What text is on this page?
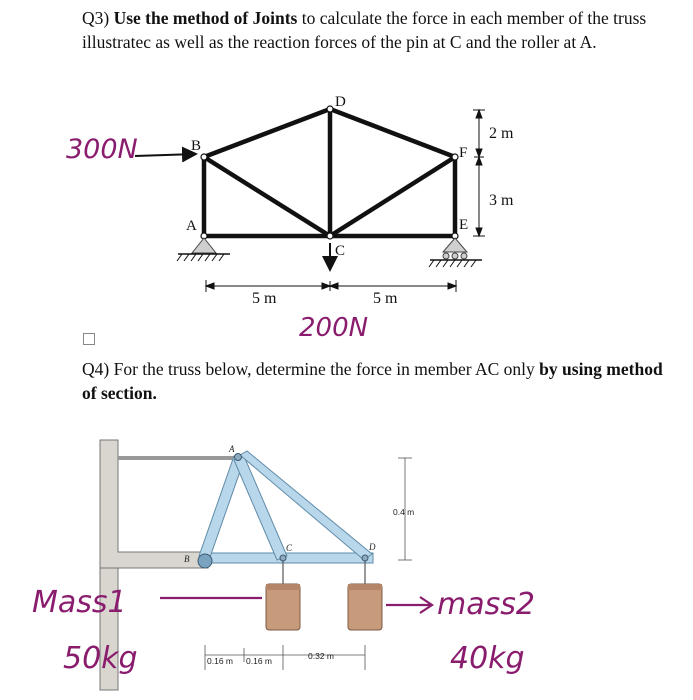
Q3) Use the method of Joints to calculate the force in each member of the truss illustratec as well as the reaction forces of the pin at C and the roller at A.
Q4) For the truss below, determine the force in member AC only by using method of section.
B
A
D
C
F
E
5 m	5 m
2 m
3 m
300N
200N
A
B
C	D
0.4 m
0.16 m 0.16 m	0.32 m
Mass1
50kg
mass2
40kg
